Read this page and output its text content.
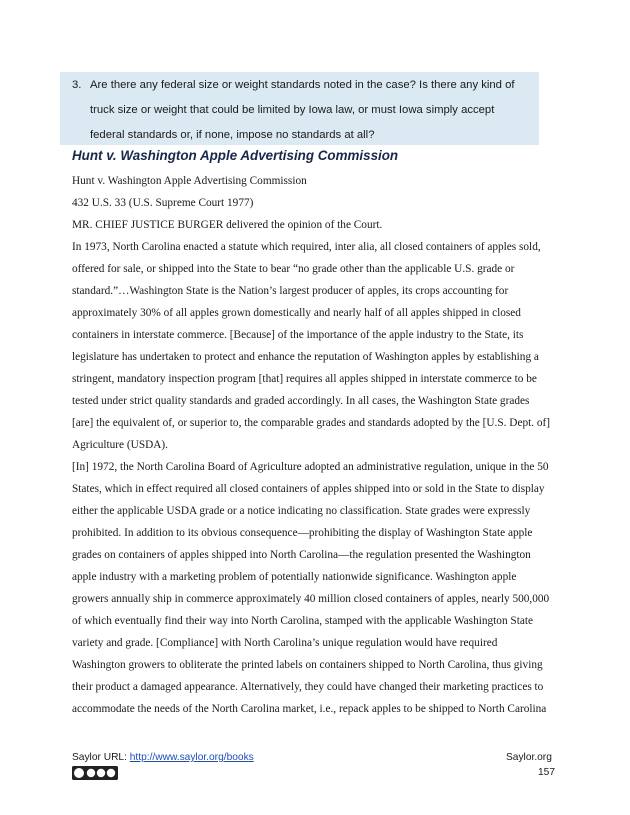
3. Are there any federal size or weight standards noted in the case? Is there any kind of
truck size or weight that could be limited by Iowa law, or must Iowa simply accept
federal standards or, if none, impose no standards at all?
Hunt v. Washington Apple Advertising Commission
Hunt v. Washington Apple Advertising Commission
432 U.S. 33 (U.S. Supreme Court 1977)
MR. CHIEF JUSTICE BURGER delivered the opinion of the Court.
In 1973, North Carolina enacted a statute which required, inter alia, all closed containers of apples sold,
offered for sale, or shipped into the State to bear “no grade other than the applicable U.S. grade or
standard.”…Washington State is the Nation’s largest producer of apples, its crops accounting for
approximately 30% of all apples grown domestically and nearly half of all apples shipped in closed
containers in interstate commerce. [Because] of the importance of the apple industry to the State, its
legislature has undertaken to protect and enhance the reputation of Washington apples by establishing a
stringent, mandatory inspection program [that] requires all apples shipped in interstate commerce to be
tested under strict quality standards and graded accordingly. In all cases, the Washington State grades
[are] the equivalent of, or superior to, the comparable grades and standards adopted by the [U.S. Dept. of]
Agriculture (USDA).
[In] 1972, the North Carolina Board of Agriculture adopted an administrative regulation, unique in the 50
States, which in effect required all closed containers of apples shipped into or sold in the State to display
either the applicable USDA grade or a notice indicating no classification. State grades were expressly
prohibited. In addition to its obvious consequence—prohibiting the display of Washington State apple
grades on containers of apples shipped into North Carolina—the regulation presented the Washington
apple industry with a marketing problem of potentially nationwide significance. Washington apple
growers annually ship in commerce approximately 40 million closed containers of apples, nearly 500,000
of which eventually find their way into North Carolina, stamped with the applicable Washington State
variety and grade. [Compliance] with North Carolina’s unique regulation would have required
Washington growers to obliterate the printed labels on containers shipped to North Carolina, thus giving
their product a damaged appearance. Alternatively, they could have changed their marketing practices to
accommodate the needs of the North Carolina market, i.e., repack apples to be shipped to North Carolina
Saylor URL: http://www.saylor.org/books	Saylor.org
157
